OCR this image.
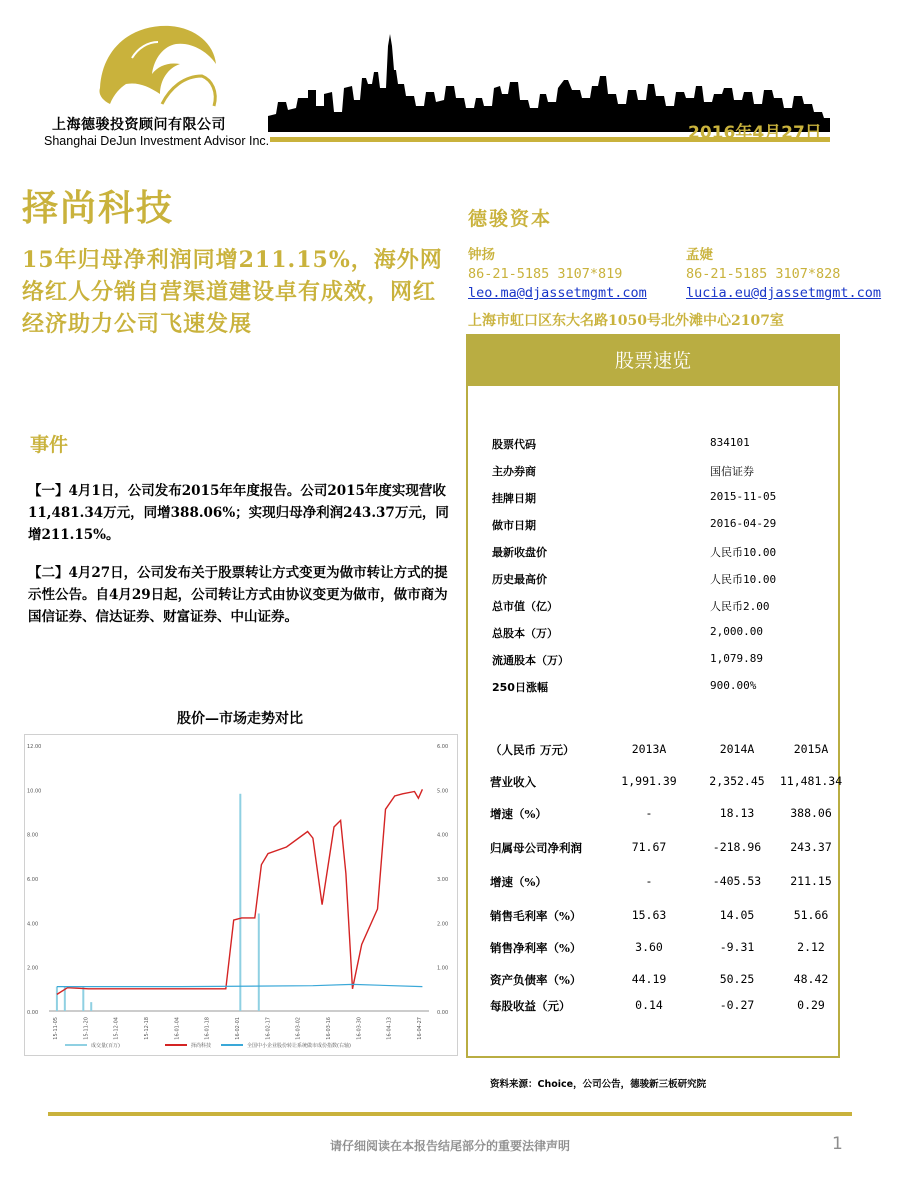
上海德骏投资顾问有限公司
Shanghai DeJun Investment Advisor Inc.	2016年4月27日
择尚科技
15年归母净利润同增211.15%，海外网络红人分销自营渠道建设卓有成效，网红经济助力公司飞速发展
德骏资本
钟扬
86-21-5185 3107*819
leo.ma@djassetmgmt.com
孟婕
86-21-5185 3107*828
lucia.eu@djassetmgmt.com
上海市虹口区东大名路1050号北外滩中心2107室
事件
【一】4月1日，公司发布2015年年度报告。公司2015年度实现营收11,481.34万元，同增388.06%；实现归母净利润243.37万元，同增211.15%。
【二】4月27日，公司发布关于股票转让方式变更为做市转让方式的提示性公告。自4月29日起，公司转让方式由协议变更为做市，做市商为国信证券、信达证券、财富证券、中山证券。
股价—市场走势对比
12.00
10.00
8.00
6.00
4.00
2.00
0.00
6.00
5.00
4.00
3.00
2.00
1.00
0.00
15-11-05	15-11-20	15-12-04	15-12-18	16-01-04	16-01-18	16-02-01	16-02-17	16-03-02	16-03-16	16-03-30	16-04-13	16-04-27
成交量(百万)	择尚科技	全国中小企业股份转让系统做市成份指数(右轴)
股票速览
股票代码	834101
主办券商	国信证券
挂牌日期	2015-11-05
做市日期	2016-04-29
最新收盘价	人民币10.00
历史最高价	人民币10.00
总市值（亿）	人民币2.00
总股本（万）	2,000.00
流通股本（万）	1,079.89
250日涨幅	900.00%
（人民币 万元）	2013A	2014A	2015A
营业收入	1,991.39	2,352.45	11,481.34
增速（%）	-	18.13	388.06
归属母公司净利润	71.67	-218.96	243.37
增速（%）	-	-405.53	211.15
销售毛利率（%）	15.63	14.05	51.66
销售净利率（%）	3.60	-9.31	2.12
资产负债率（%）	44.19	50.25	48.42
每股收益（元）	0.14	-0.27	0.29
资料来源：Choice，公司公告，德骏新三板研究院
请仔细阅读在本报告结尾部分的重要法律声明	1
